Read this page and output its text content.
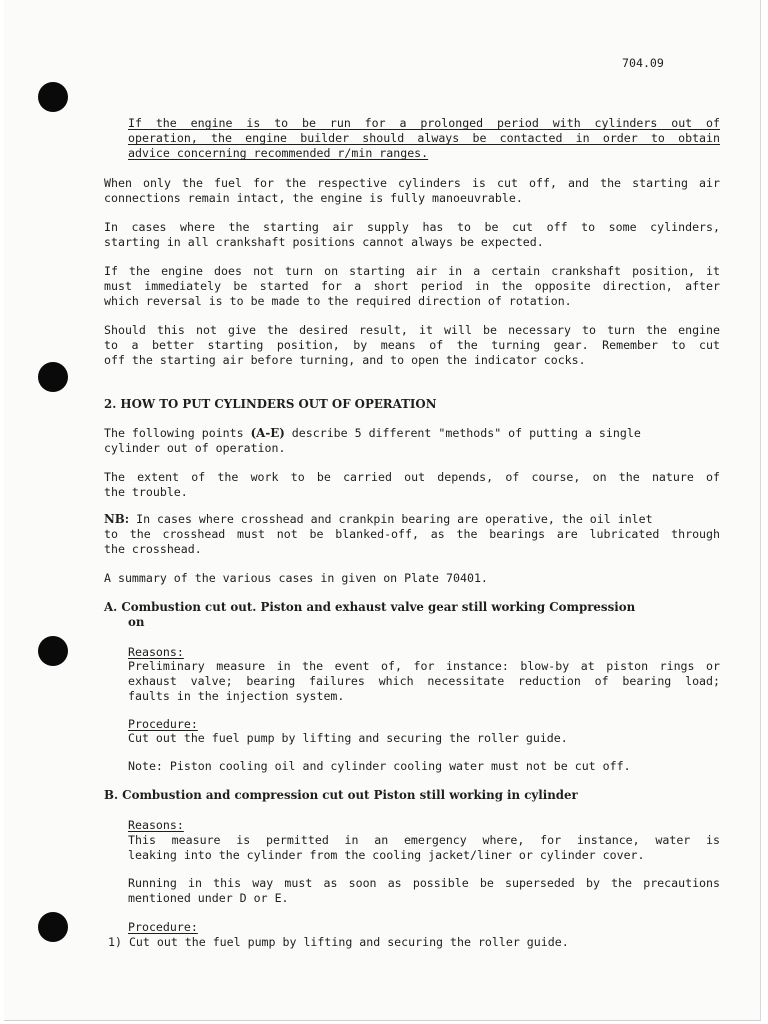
704.09

If the engine is to be run for a prolonged period with cylinders out of

operation, the engine builder should always be contacted in order to obtain

advice concerning recommended r/min ranges.

When only the fuel for the respective cylinders is cut off, and the starting air

connections remain intact, the engine is fully manoeuvrable.

In cases where the starting air supply has to be cut off to some cylinders,

starting in all crankshaft positions cannot always be expected.

If the engine does not turn on starting air in a certain crankshaft position, it

must immediately be started for a short period in the opposite direction, after

which reversal is to be made to the required direction of rotation.

Should this not give the desired result, it will be necessary to turn the engine

to a better starting position, by means of the turning gear. Remember to cut

off the starting air before turning, and to open the indicator cocks.

2. HOW TO PUT CYLINDERS OUT OF OPERATION

The following points (A-E) describe 5 different "methods" of putting a single

cylinder out of operation.

The extent of the work to be carried out depends, of course, on the nature of

the trouble.

NB: In cases where crosshead and crankpin bearing are operative, the oil inlet

to the crosshead must not be blanked-off, as the bearings are lubricated through

the crosshead.

A summary of the various cases in given on Plate 70401.

A. Combustion cut out. Piston and exhaust valve gear still working Compression

on

Reasons:

Preliminary measure in the event of, for instance: blow-by at piston rings or

exhaust valve; bearing failures which necessitate reduction of bearing load;

faults in the injection system.

Procedure:

Cut out the fuel pump by lifting and securing the roller guide.

Note: Piston cooling oil and cylinder cooling water must not be cut off.

B. Combustion and compression cut out Piston still working in cylinder

Reasons:

This measure is permitted in an emergency where, for instance, water is

leaking into the cylinder from the cooling jacket/liner or cylinder cover.

Running in this way must as soon as possible be superseded by the precautions

mentioned under D or E.

Procedure:

1) Cut out the fuel pump by lifting and securing the roller guide.
